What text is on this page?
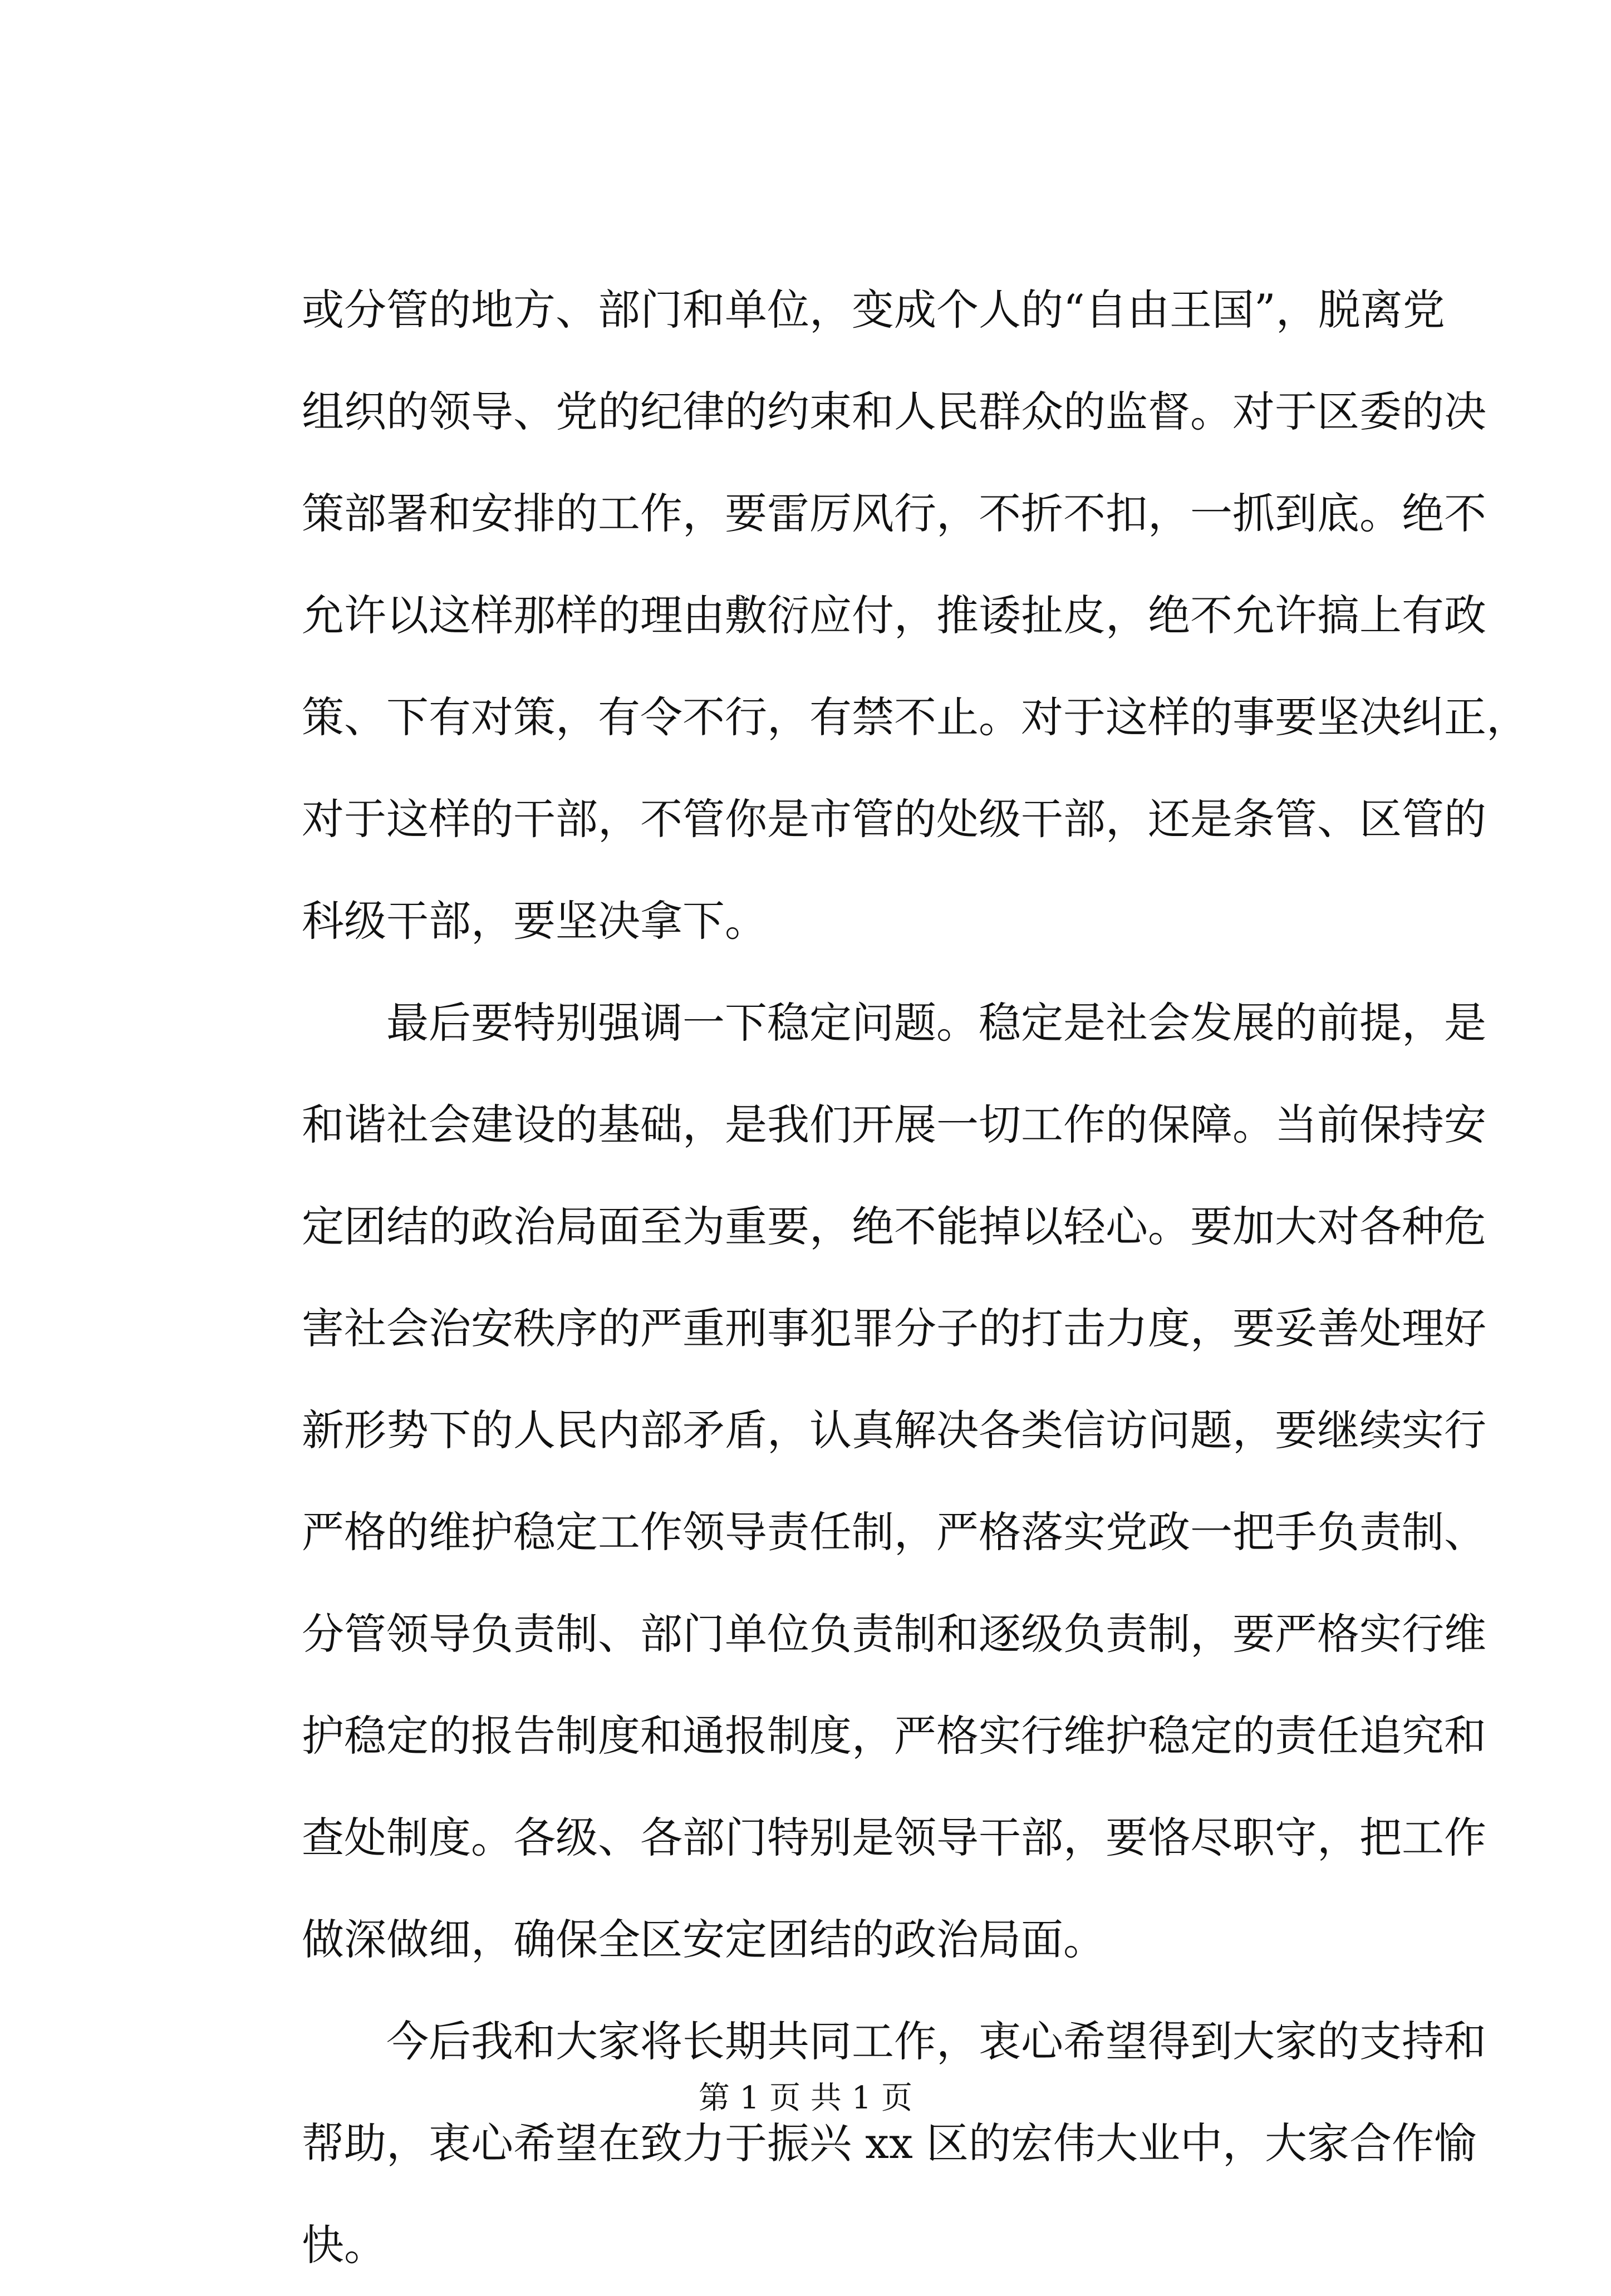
或分管的地方、部门和单位，变成个人的“自由王国”，脱离党
组织的领导、党的纪律的约束和人民群众的监督。对于区委的决
策部署和安排的工作，要雷厉风行，不折不扣，一抓到底。绝不
允许以这样那样的理由敷衍应付，推诿扯皮，绝不允许搞上有政
策、下有对策，有令不行，有禁不止。对于这样的事要坚决纠正，
对于这样的干部，不管你是市管的处级干部，还是条管、区管的
科级干部，要坚决拿下。
最后要特别强调一下稳定问题。稳定是社会发展的前提，是
和谐社会建设的基础，是我们开展一切工作的保障。当前保持安
定团结的政治局面至为重要，绝不能掉以轻心。要加大对各种危
害社会治安秩序的严重刑事犯罪分子的打击力度，要妥善处理好
新形势下的人民内部矛盾，认真解决各类信访问题，要继续实行
严格的维护稳定工作领导责任制，严格落实党政一把手负责制、
分管领导负责制、部门单位负责制和逐级负责制，要严格实行维
护稳定的报告制度和通报制度，严格实行维护稳定的责任追究和
查处制度。各级、各部门特别是领导干部，要恪尽职守，把工作
做深做细，确保全区安定团结的政治局面。
今后我和大家将长期共同工作，衷心希望得到大家的支持和
帮助，衷心希望在致力于振兴 xx 区的宏伟大业中，大家合作愉
快。
第 1 页 共 1 页
